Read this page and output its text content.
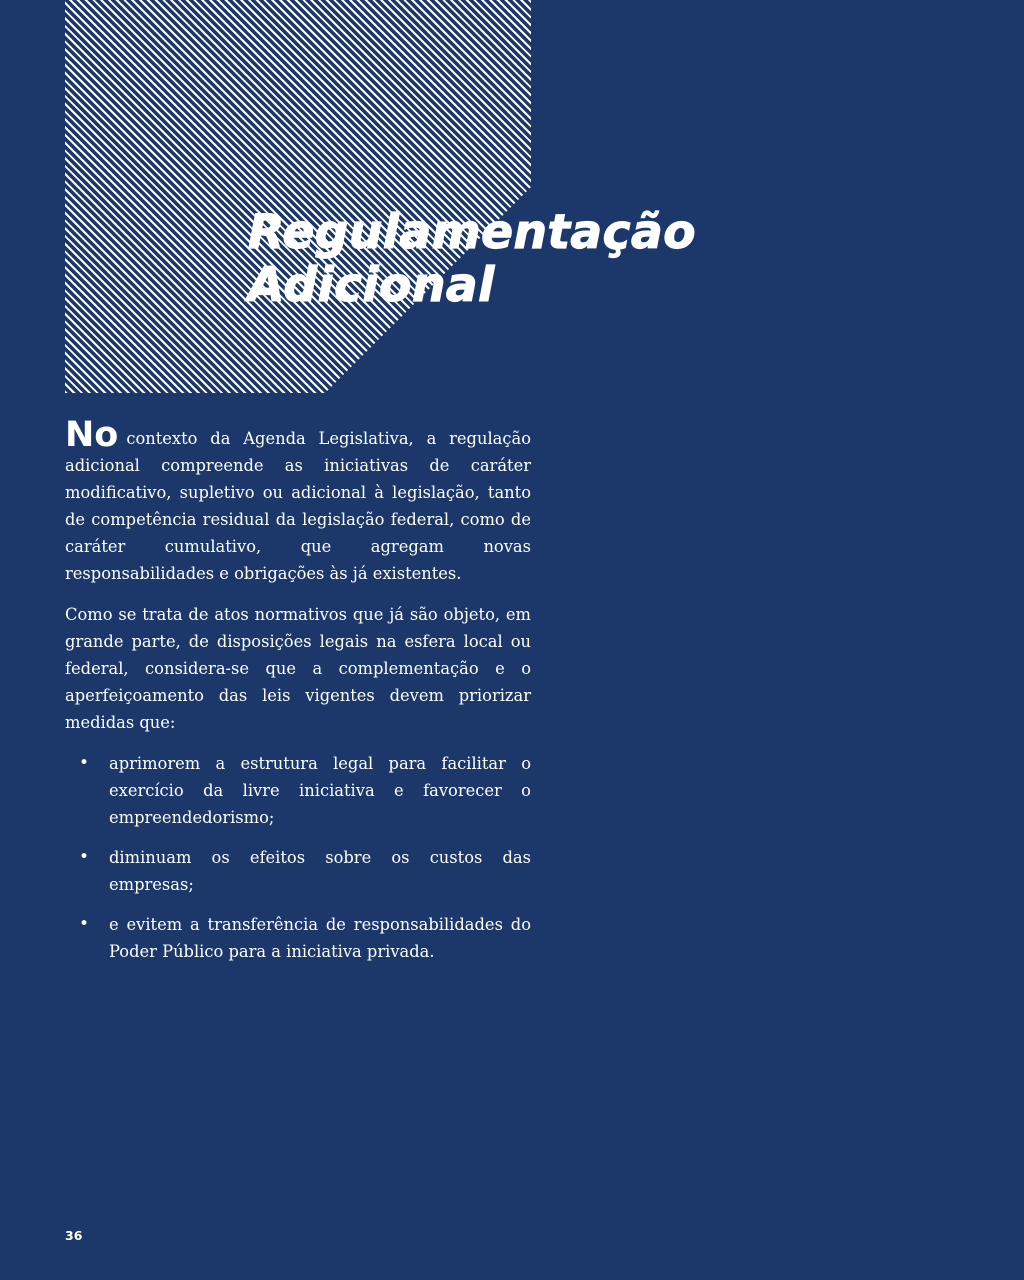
Regulamentação
Adicional

No contexto da Agenda Legislativa, a regulação adicional compreende as iniciativas de caráter modificativo, supletivo ou adicional à legislação, tanto de competência residual da legislação federal, como de caráter cumulativo, que agregam novas responsabilidades e obrigações às já existentes.

Como se trata de atos normativos que já são objeto, em grande parte, de disposições legais na esfera local ou federal, considera-se que a complementação e o aperfeiçoamento das leis vigentes devem priorizar medidas que:

• aprimorem a estrutura legal para facilitar o exercício da livre iniciativa e favorecer o empreendedorismo;
• diminuam os efeitos sobre os custos das empresas;
• e evitem a transferência de responsabilidades do Poder Público para a iniciativa privada.
36
